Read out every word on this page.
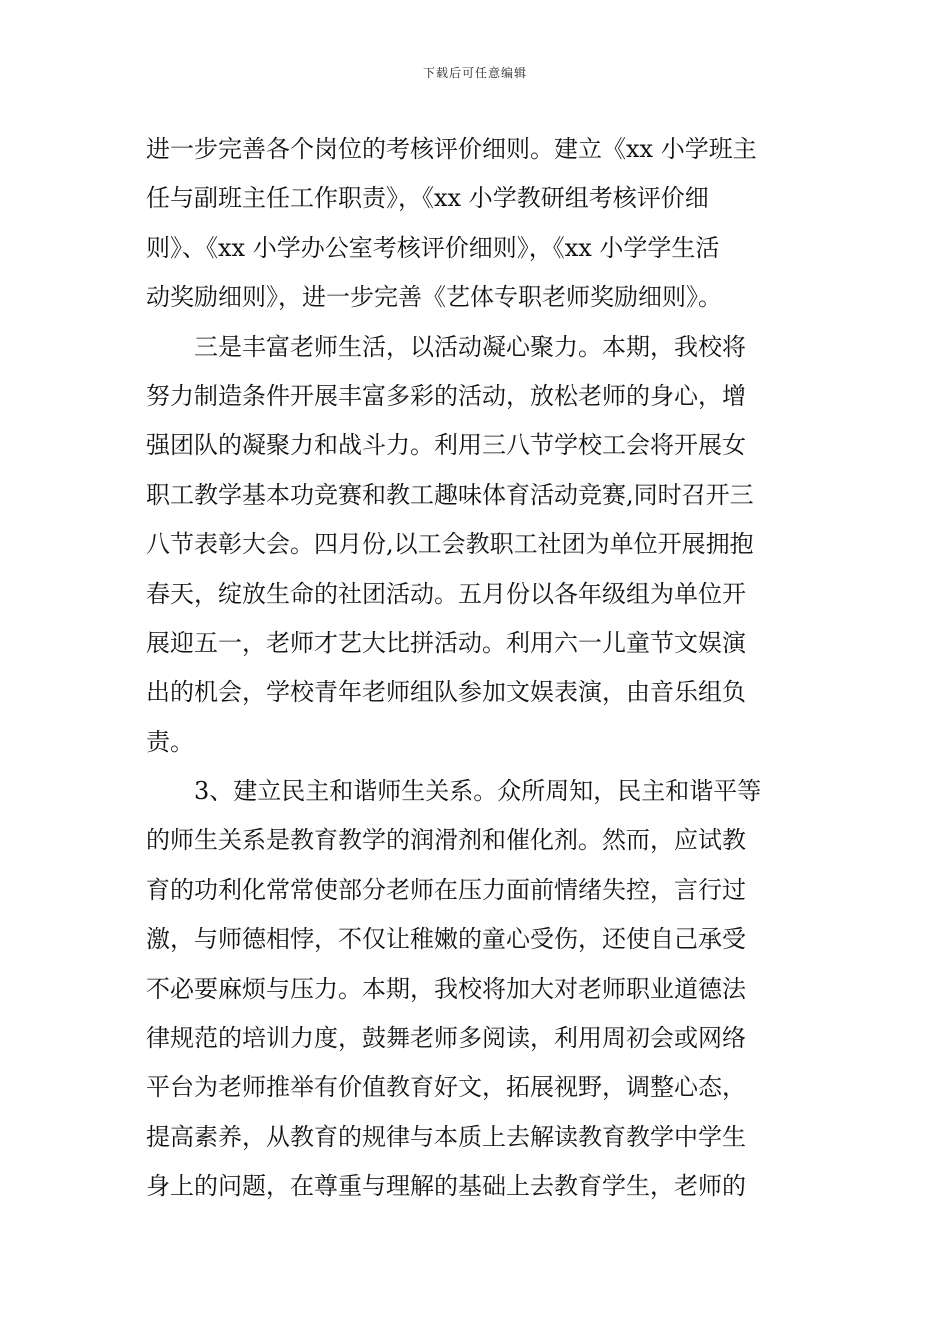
下载后可任意编辑
进一步完善各个岗位的考核评价细则。建立《xx 小学班主
任与副班主任工作职责》，《xx 小学教研组考核评价细
则》、《xx 小学办公室考核评价细则》，《xx 小学学生活
动奖励细则》，进一步完善《艺体专职老师奖励细则》。
三是丰富老师生活，以活动凝心聚力。本期，我校将
努力制造条件开展丰富多彩的活动，放松老师的身心，增
强团队的凝聚力和战斗力。利用三八节学校工会将开展女
职工教学基本功竞赛和教工趣味体育活动竞赛,同时召开三
八节表彰大会。四月份,以工会教职工社团为单位开展拥抱
春天，绽放生命的社团活动。五月份以各年级组为单位开
展迎五一，老师才艺大比拼活动。利用六一儿童节文娱演
出的机会，学校青年老师组队参加文娱表演，由音乐组负
责。
3、建立民主和谐师生关系。众所周知，民主和谐平等
的师生关系是教育教学的润滑剂和催化剂。然而，应试教
育的功利化常常使部分老师在压力面前情绪失控，言行过
激，与师德相悖，不仅让稚嫩的童心受伤，还使自己承受
不必要麻烦与压力。本期，我校将加大对老师职业道德法
律规范的培训力度，鼓舞老师多阅读，利用周初会或网络
平台为老师推举有价值教育好文，拓展视野，调整心态，
提高素养，从教育的规律与本质上去解读教育教学中学生
身上的问题，在尊重与理解的基础上去教育学生，老师的
